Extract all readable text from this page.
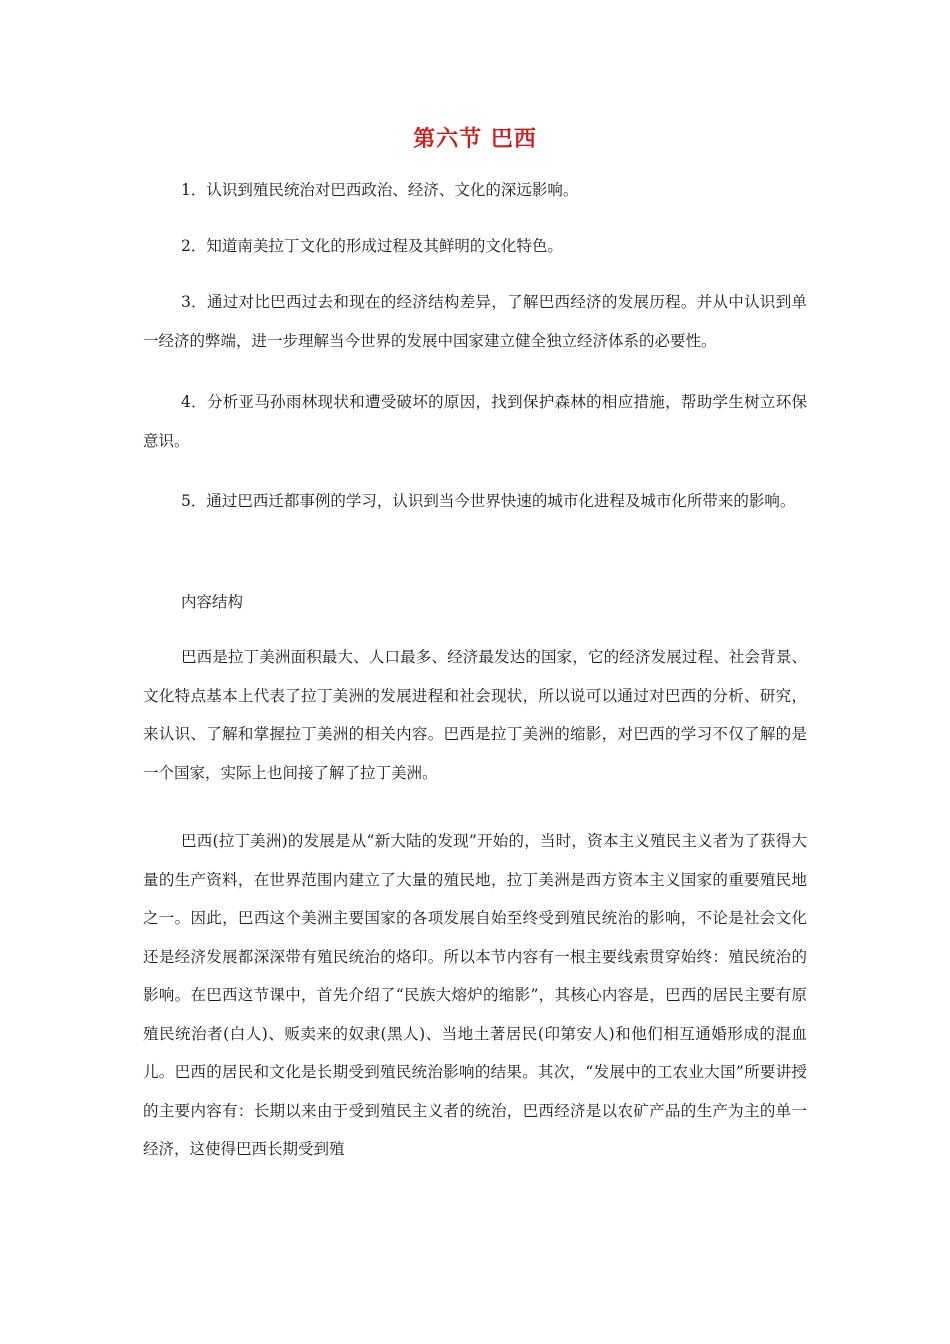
第六节 巴西

1．认识到殖民统治对巴西政治、经济、文化的深远影响。

2．知道南美拉丁文化的形成过程及其鲜明的文化特色。

3．通过对比巴西过去和现在的经济结构差异，了解巴西经济的发展历程。并从中认识到单一经济的弊端，进一步理解当今世界的发展中国家建立健全独立经济体系的必要性。

4．分析亚马孙雨林现状和遭受破坏的原因，找到保护森林的相应措施，帮助学生树立环保意识。

5．通过巴西迁都事例的学习，认识到当今世界快速的城市化进程及城市化所带来的影响。

内容结构

巴西是拉丁美洲面积最大、人口最多、经济最发达的国家，它的经济发展过程、社会背景、文化特点基本上代表了拉丁美洲的发展进程和社会现状，所以说可以通过对巴西的分析、研究，来认识、了解和掌握拉丁美洲的相关内容。巴西是拉丁美洲的缩影，对巴西的学习不仅了解的是一个国家，实际上也间接了解了拉丁美洲。

巴西(拉丁美洲)的发展是从“新大陆的发现”开始的，当时，资本主义殖民主义者为了获得大量的生产资料，在世界范围内建立了大量的殖民地，拉丁美洲是西方资本主义国家的重要殖民地之一。因此，巴西这个美洲主要国家的各项发展自始至终受到殖民统治的影响，不论是社会文化还是经济发展都深深带有殖民统治的烙印。所以本节内容有一根主要线索贯穿始终：殖民统治的影响。在巴西这节课中，首先介绍了“民族大熔炉的缩影”，其核心内容是，巴西的居民主要有原殖民统治者(白人)、贩卖来的奴隶(黑人)、当地土著居民(印第安人)和他们相互通婚形成的混血儿。巴西的居民和文化是长期受到殖民统治影响的结果。其次，“发展中的工农业大国”所要讲授的主要内容有：长期以来由于受到殖民主义者的统治，巴西经济是以农矿产品的生产为主的单一经济，这使得巴西长期受到殖
